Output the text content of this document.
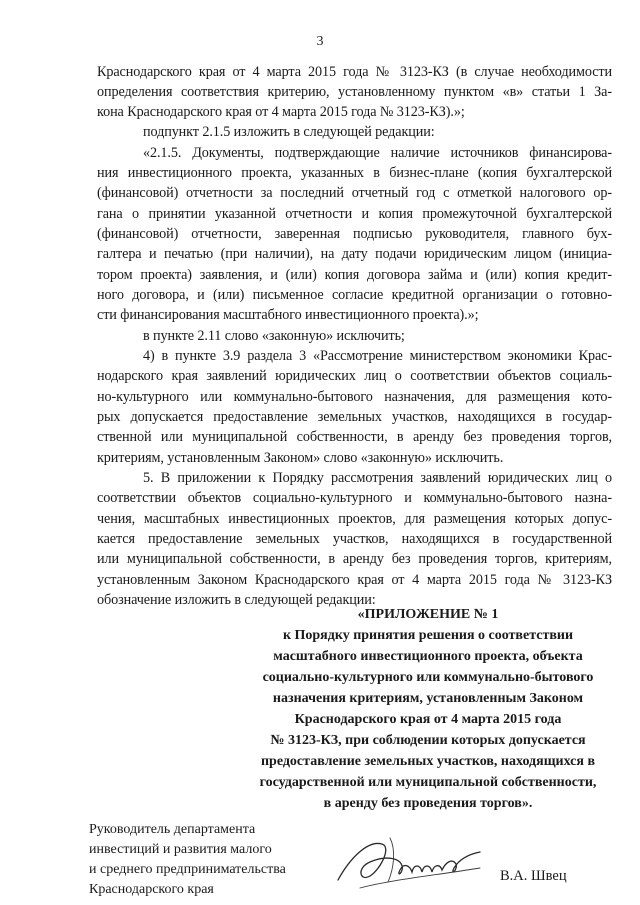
3
Краснодарского края от 4 марта 2015 года № 3123-КЗ (в случае необходимости
определения соответствия критерию, установленному пунктом «в» статьи 1 За-
кона Краснодарского края от 4 марта 2015 года № 3123-КЗ).»;
подпункт 2.1.5 изложить в следующей редакции:
«2.1.5. Документы, подтверждающие наличие источников финансирова-
ния инвестиционного проекта, указанных в бизнес-плане (копия бухгалтерской
(финансовой) отчетности за последний отчетный год с отметкой налогового ор-
гана о принятии указанной отчетности и копия промежуточной бухгалтерской
(финансовой) отчетности, заверенная подписью руководителя, главного бух-
галтера и печатью (при наличии), на дату подачи юридическим лицом (инициа-
тором проекта) заявления, и (или) копия договора займа и (или) копия кредит-
ного договора, и (или) письменное согласие кредитной организации о готовно-
сти финансирования масштабного инвестиционного проекта).»;
в пункте 2.11 слово «законную» исключить;
4) в пункте 3.9 раздела 3 «Рассмотрение министерством экономики Крас-
нодарского края заявлений юридических лиц о соответствии объектов социаль-
но-культурного или коммунально-бытового назначения, для размещения кото-
рых допускается предоставление земельных участков, находящихся в государ-
ственной или муниципальной собственности, в аренду без проведения торгов,
критериям, установленным Законом» слово «законную» исключить.
5. В приложении к Порядку рассмотрения заявлений юридических лиц о
соответствии объектов социально-культурного и коммунально-бытового назна-
чения, масштабных инвестиционных проектов, для размещения которых допус-
кается предоставление земельных участков, находящихся в государственной
или муниципальной собственности, в аренду без проведения торгов, критериям,
установленным Законом Краснодарского края от 4 марта 2015 года № 3123-КЗ
обозначение изложить в следующей редакции:
«ПРИЛОЖЕНИЕ № 1
к Порядку принятия решения о соответствии
масштабного инвестиционного проекта, объекта
социально-культурного или коммунально-бытового
назначения критериям, установленным Законом
Краснодарского края от 4 марта 2015 года
№ 3123-КЗ, при соблюдении которых допускается
предоставление земельных участков, находящихся в
государственной или муниципальной собственности,
в аренду без проведения торгов».
Руководитель департамента
инвестиций и развития малого
и среднего предпринимательства
Краснодарского края
В.А. Швец
